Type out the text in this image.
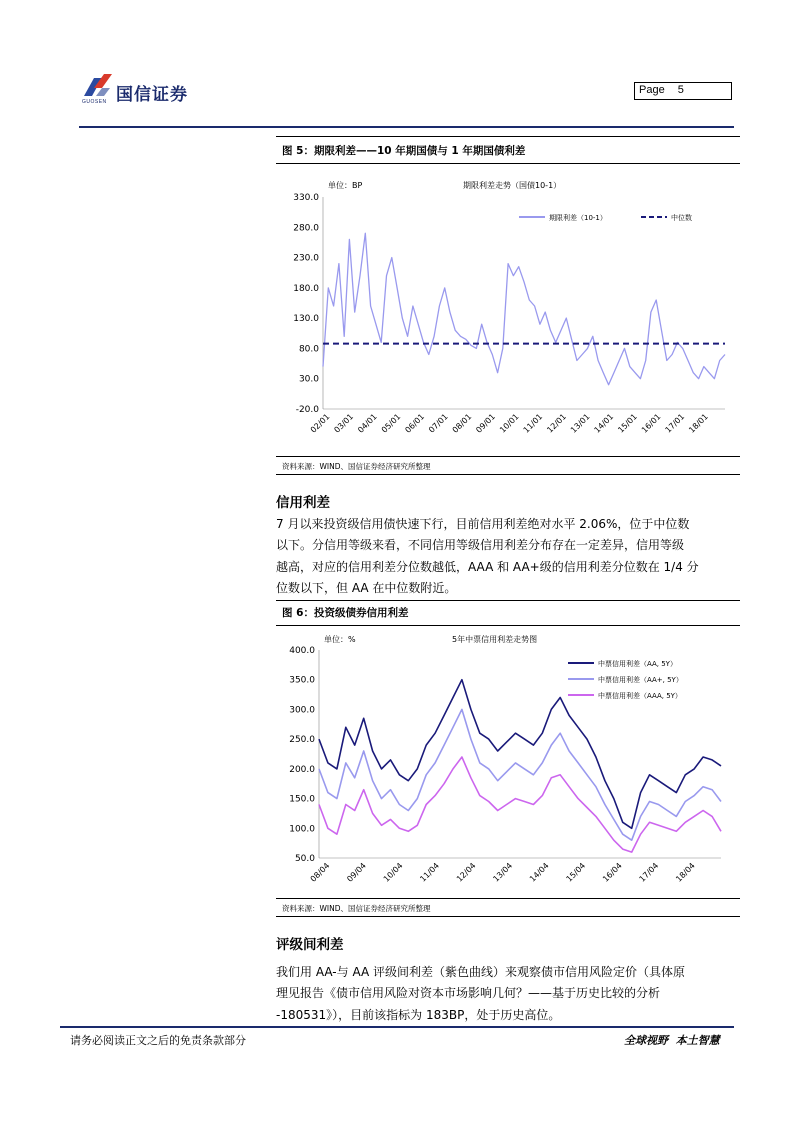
国信证券
GUOSEN
Page 5
图 5：期限利差——10 年期国债与 1 年期国债利差
单位：BP	期限利差走势（国债10-1）
330.0
280.0
230.0
180.0
130.0
80.0
30.0
-20.0
02/01 03/01 04/01 05/01 06/01 07/01 08/01 09/01 10/01 11/01 12/01 13/01 14/01 15/01 16/01 17/01 18/01
期限利差（10-1）	中位数
资料来源：WIND、国信证券经济研究所整理
信用利差
7 月以来投资级信用债快速下行，目前信用利差绝对水平 2.06%，位于中位数
以下。分信用等级来看，不同信用等级信用利差分布存在一定差异，信用等级
越高，对应的信用利差分位数越低，AAA 和 AA+级的信用利差分位数在 1/4 分
位数以下，但 AA 在中位数附近。
图 6：投资级债券信用利差
单位：%	5年中票信用利差走势图
400.0
350.0
300.0
250.0
200.0
150.0
100.0
50.0
08/04 09/04 10/04 11/04 12/04 13/04 14/04 15/04 16/04 17/04 18/04
中票信用利差（AA, 5Y）
中票信用利差（AA+, 5Y）
中票信用利差（AAA, 5Y）
资料来源：WIND、国信证券经济研究所整理
评级间利差
我们用 AA-与 AA 评级间利差（紫色曲线）来观察债市信用风险定价（具体原
理见报告《债市信用风险对资本市场影响几何？——基于历史比较的分析
-180531》），目前该指标为 183BP，处于历史高位。
请务必阅读正文之后的免责条款部分	全球视野  本土智慧
